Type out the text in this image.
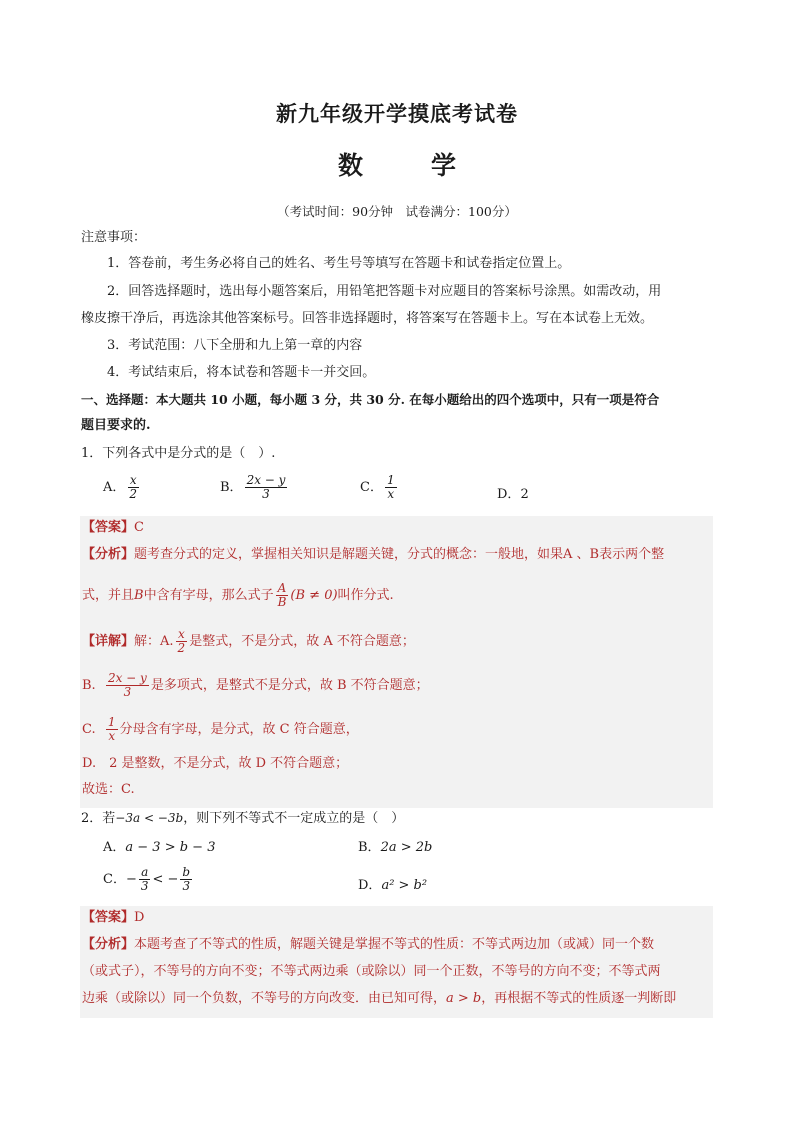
新九年级开学摸底考试卷
数	学
（考试时间：90分钟　试卷满分：100分）
注意事项：
1．答卷前，考生务必将自己的姓名、考生号等填写在答题卡和试卷指定位置上。
2．回答选择题时，选出每小题答案后，用铅笔把答题卡对应题目的答案标号涂黑。如需改动，用
橡皮擦干净后，再选涂其他答案标号。回答非选择题时，将答案写在答题卡上。写在本试卷上无效。
3．考试范围：八下全册和九上第一章的内容
4．考试结束后，将本试卷和答题卡一并交回。
一、选择题：本大题共 10 小题，每小题 3 分，共 30 分. 在每小题给出的四个选项中，只有一项是符合
题目要求的.
1．下列各式中是分式的是（　）.
A． $\frac{x}{2}$	B． $\frac{2x - y}{3}$	C． $\frac{1}{x}$	D．2
【答案】C
【分析】题考查分式的定义，掌握相关知识是解题关键，分式的概念：一般地，如果A 、B表示两个整
式，并且B中含有字母，那么式子 $\frac{A}{B} (B \ne 0)$叫作分式.
【详解】解：A. $\frac{x}{2}$ 是整式，不是分式，故 A 不符合题意；
B. $\frac{2x - y}{3}$ 是多项式，是整式不是分式，故 B 不符合题意；
C. $\frac{1}{x}$ 分母含有字母，是分式，故 C 符合题意，
D.　2 是整数，不是分式，故 D 不符合题意；
故选：C.
2．若−3a < −3b，则下列不等式不一定成立的是（　）
A．a − 3 > b − 3	B．2a > 2b
C．− $\frac{a}{3}$ < − $\frac{b}{3}$	D．a² > b²
【答案】D
【分析】本题考查了不等式的性质，解题关键是掌握不等式的性质：不等式两边加（或减）同一个数
（或式子），不等号的方向不变；不等式两边乘（或除以）同一个正数，不等号的方向不变；不等式两
边乘（或除以）同一个负数，不等号的方向改变．由已知可得，a > b，再根据不等式的性质逐一判断即
